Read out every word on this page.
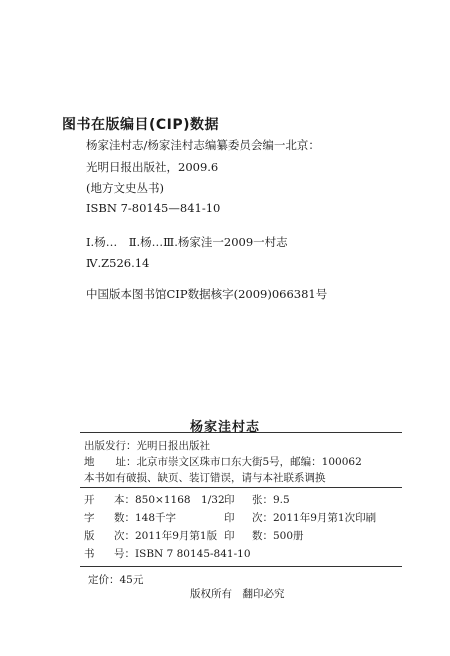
图书在版编目(CIP)数据
杨家洼村志/杨家洼村志编纂委员会编一北京：
光明日报出版社，2009.6
(地方文史丛书)
ISBN 7-80145—841-10
Ⅰ.杨…　Ⅱ.杨…Ⅲ.杨家洼一2009一村志
Ⅳ.Z526.14
中国版本图书馆CIP数据核字(2009)066381号
杨家洼村志
出版发行：光明日报出版社
地　　址：北京市崇文区珠市口东大街5号，邮编：100062
本书如有破损、缺页、装订错误，请与本社联系调换
开 本：850×1168　1/32 印 张：9.5
字 数：148千字	印 次：2011年9月第1次印刷
版 次：2011年9月第1版 印 数：500册
书 号：ISBN 7 80145-841-10
定价：45元
版权所有　翻印必究
